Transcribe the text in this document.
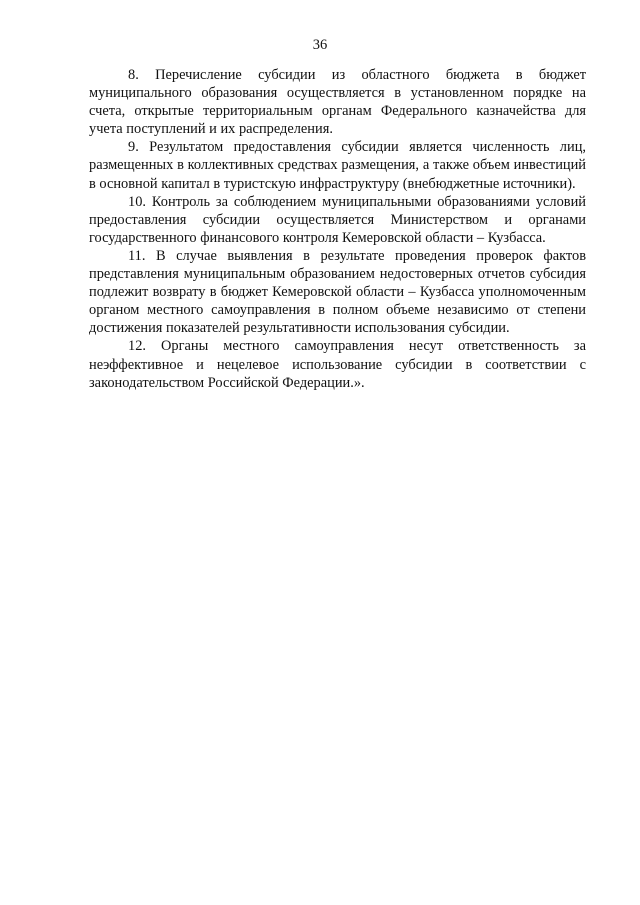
36

8. Перечисление субсидии из областного бюджета в бюджет муниципального образования осуществляется в установленном порядке на счета, открытые территориальным органам Федерального казначейства для учета поступлений и их распределения.

9. Результатом предоставления субсидии является численность лиц, размещенных в коллективных средствах размещения, а также объем инвестиций в основной капитал в туристскую инфраструктуру (внебюджетные источники).

10. Контроль за соблюдением муниципальными образованиями условий предоставления субсидии осуществляется Министерством и органами государственного финансового контроля Кемеровской области – Кузбасса.

11. В случае выявления в результате проведения проверок фактов представления муниципальным образованием недостоверных отчетов субсидия подлежит возврату в бюджет Кемеровской области – Кузбасса уполномоченным органом местного самоуправления в полном объеме независимо от степени достижения показателей результативности использования субсидии.

12. Органы местного самоуправления несут ответственность за неэффективное и нецелевое использование субсидии в соответствии с законодательством Российской Федерации.».
